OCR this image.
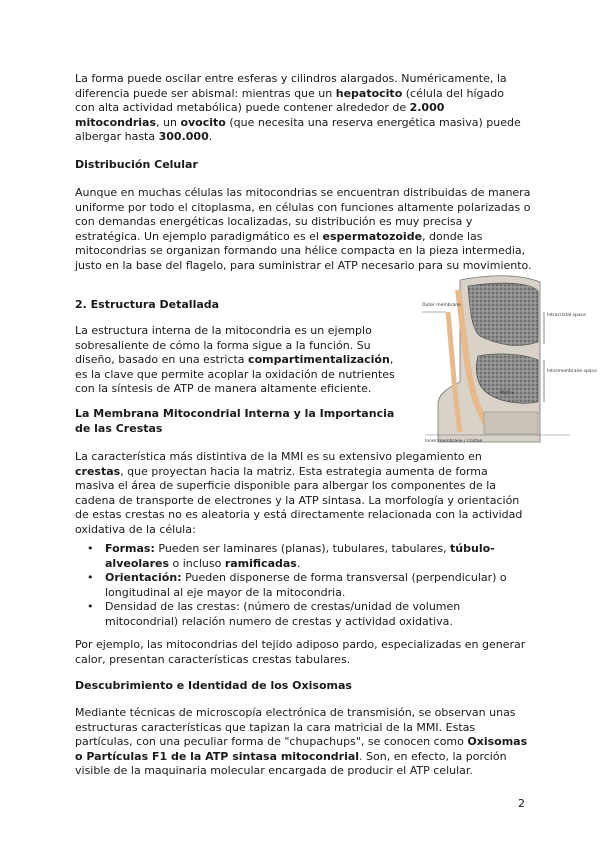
La forma puede oscilar entre esferas y cilindros alargados. Numéricamente, la diferencia puede ser abismal: mientras que un hepatocito (célula del hígado con alta actividad metabólica) puede contener alrededor de 2.000 mitocondrias, un ovocito (que necesita una reserva energética masiva) puede albergar hasta 300.000.

Distribución Celular

Aunque en muchas células las mitocondrias se encuentran distribuidas de manera uniforme por todo el citoplasma, en células con funciones altamente polarizadas o con demandas energéticas localizadas, su distribución es muy precisa y estratégica. Un ejemplo paradigmático es el espermatozoide, donde las mitocondrias se organizan formando una hélice compacta en la pieza intermedia, justo en la base del flagelo, para suministrar el ATP necesario para su movimiento.

2. Estructura Detallada

La estructura interna de la mitocondria es un ejemplo sobresaliente de cómo la forma sigue a la función. Su diseño, basado en una estricta compartimentalización, es la clave que permite acoplar la oxidación de nutrientes con la síntesis de ATP de manera altamente eficiente.

La Membrana Mitocondrial Interna y la Importancia de las Crestas
Outer membrane
Intracristal space
Intermembrane space
Matrix
Inner membrane / cristae

La característica más distintiva de la MMI es su extensivo plegamiento en crestas, que proyectan hacia la matriz. Esta estrategia aumenta de forma masiva el área de superficie disponible para albergar los componentes de la cadena de transporte de electrones y la ATP sintasa. La morfología y orientación de estas crestas no es aleatoria y está directamente relacionada con la actividad oxidativa de la célula:

• Formas: Pueden ser laminares (planas), tubulares, tabulares, túbulo-alveolares o incluso ramificadas.
• Orientación: Pueden disponerse de forma transversal (perpendicular) o longitudinal al eje mayor de la mitocondria.
• Densidad de las crestas: (número de crestas/unidad de volumen mitocondrial) relación numero de crestas y actividad oxidativa.

Por ejemplo, las mitocondrias del tejido adiposo pardo, especializadas en generar calor, presentan características crestas tabulares.

Descubrimiento e Identidad de los Oxisomas

Mediante técnicas de microscopía electrónica de transmisión, se observan unas estructuras características que tapizan la cara matricial de la MMI. Estas partículas, con una peculiar forma de "chupachups", se conocen como Oxisomas o Partículas F1 de la ATP sintasa mitocondrial. Son, en efecto, la porción visible de la maquinaria molecular encargada de producir el ATP celular.

2
